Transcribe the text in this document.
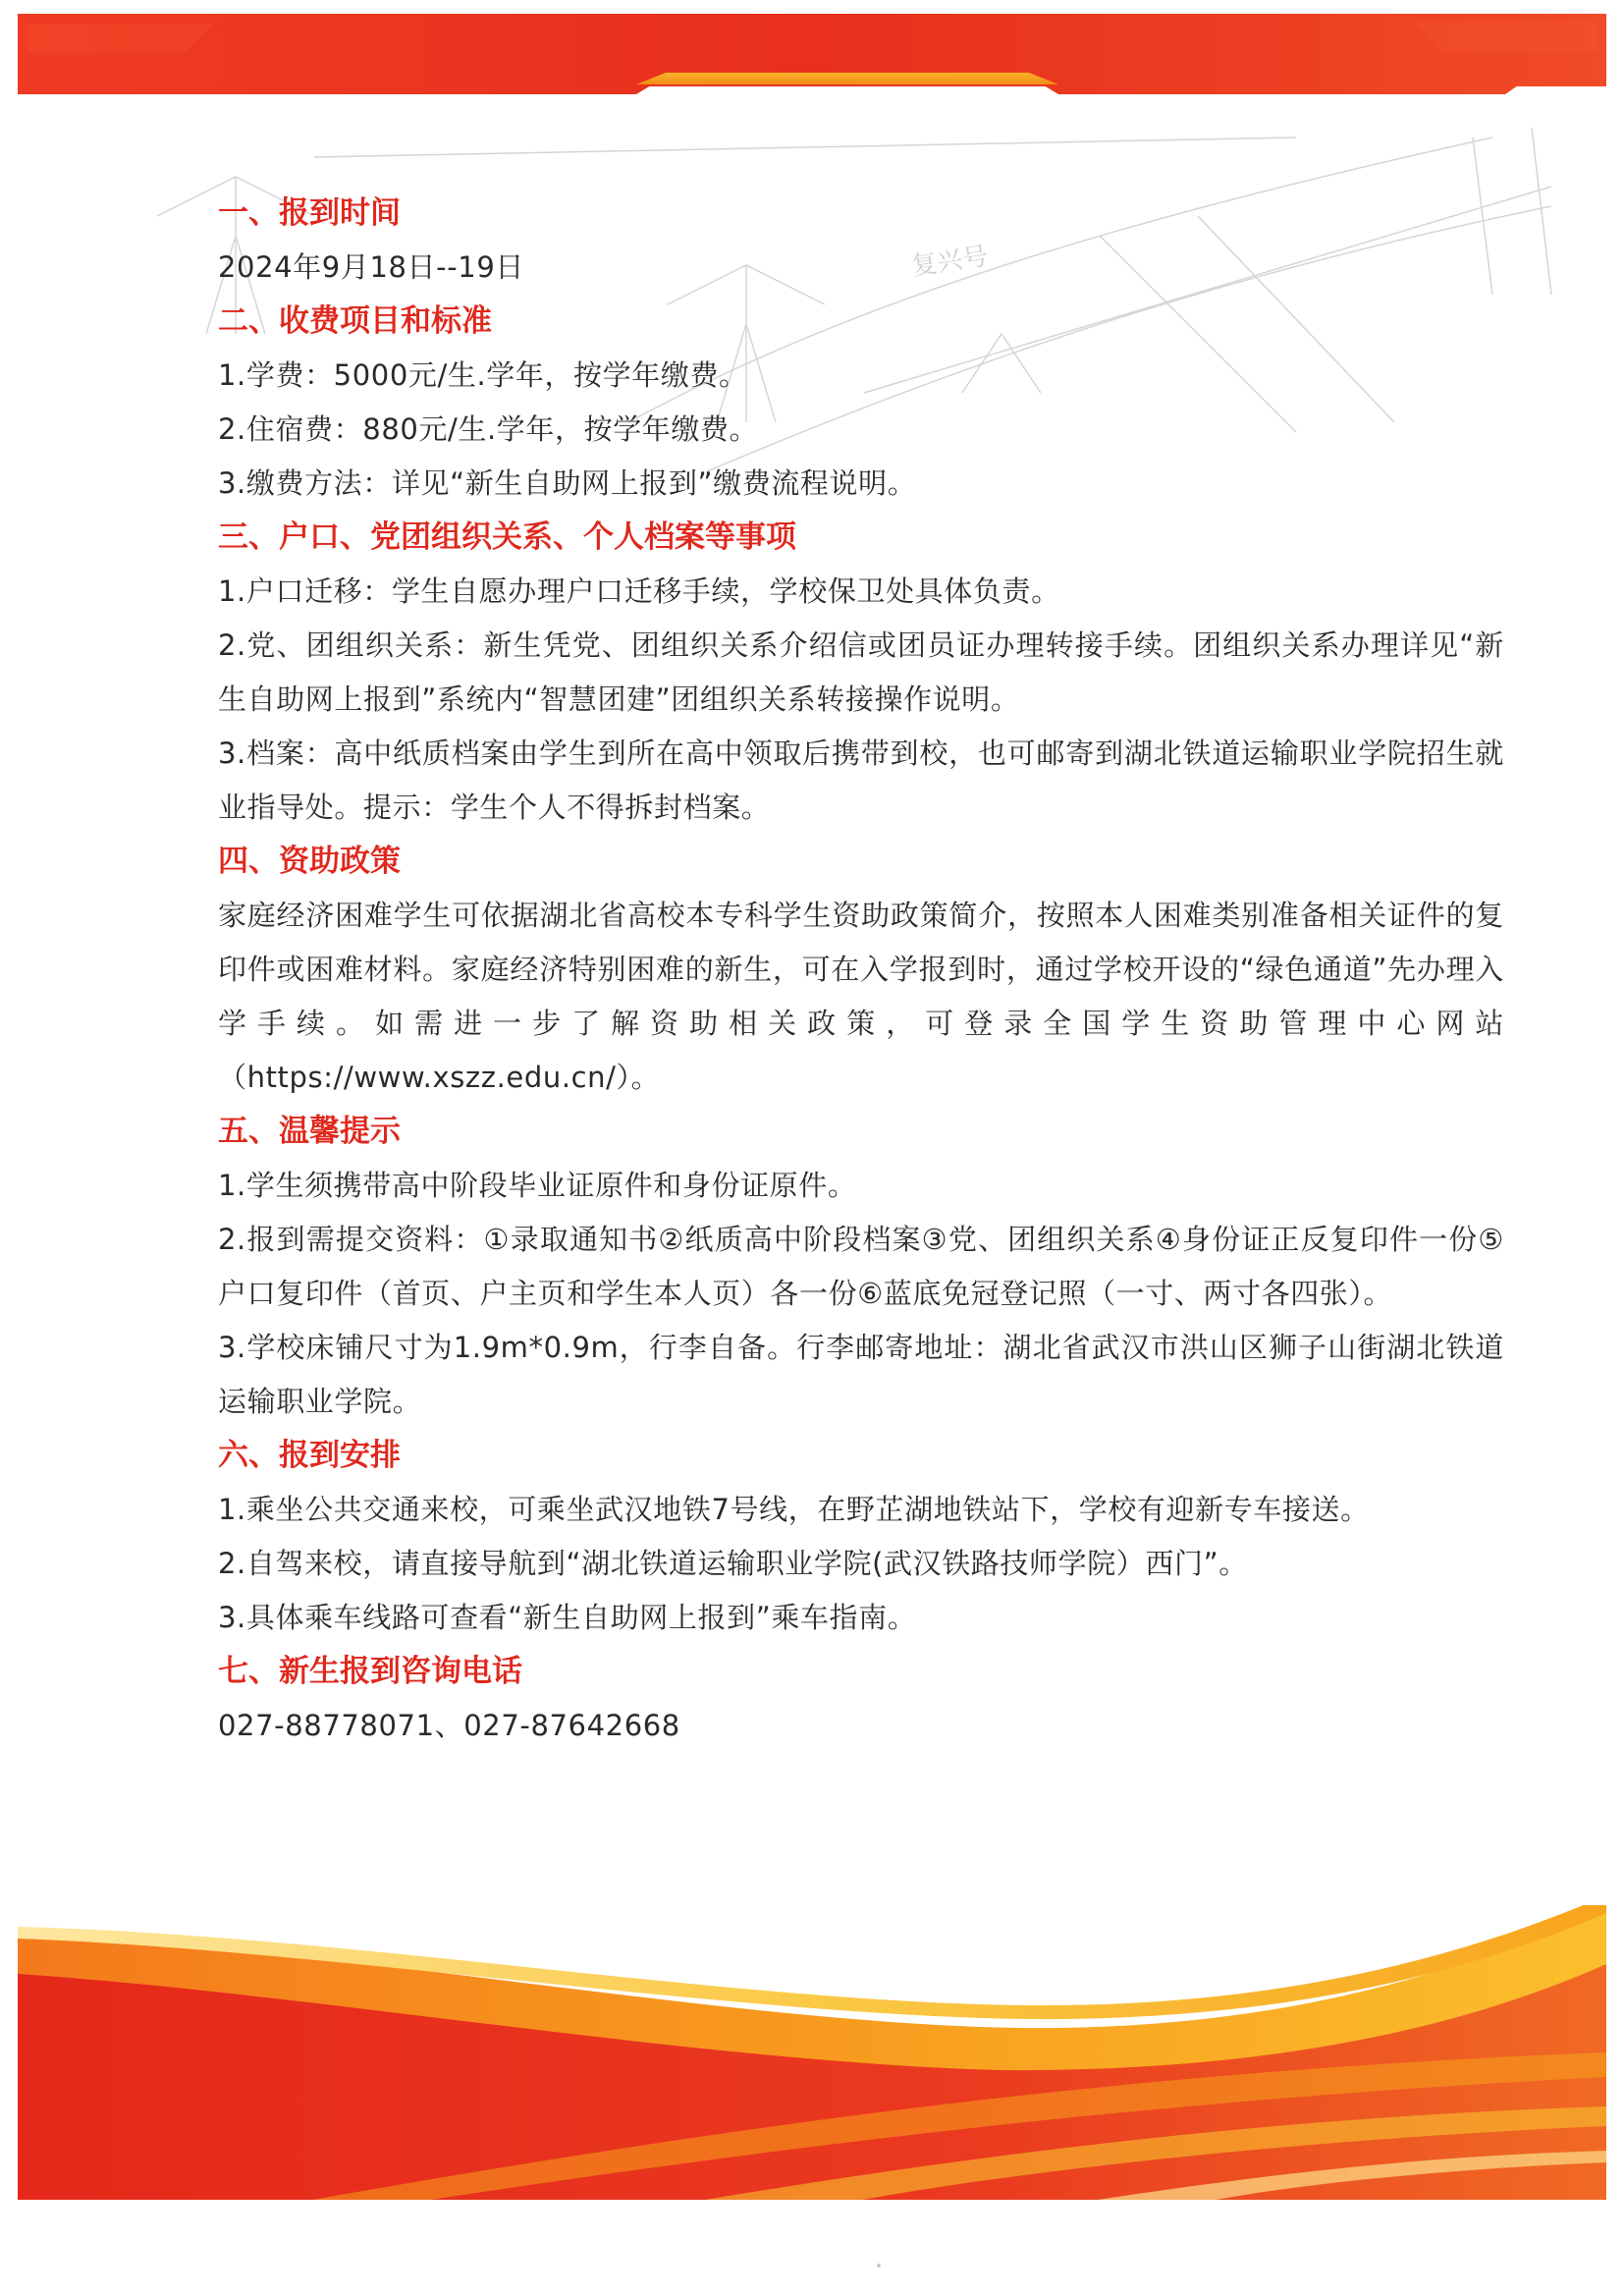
复兴号

一、报到时间

2024年9月18日--19日

二、收费项目和标准

1.学费：5000元/生.学年，按学年缴费。

2.住宿费：880元/生.学年，按学年缴费。

3.缴费方法：详见“新生自助网上报到”缴费流程说明。

三、户口、党团组织关系、个人档案等事项

1.户口迁移：学生自愿办理户口迁移手续，学校保卫处具体负责。

2.党、团组织关系：新生凭党、团组织关系介绍信或团员证办理转接手续。团组织关系办理详见“新生自助网上报到”系统内“智慧团建”团组织关系转接操作说明。

3.档案：高中纸质档案由学生到所在高中领取后携带到校，也可邮寄到湖北铁道运输职业学院招生就业指导处。提示：学生个人不得拆封档案。

四、资助政策

家庭经济困难学生可依据湖北省高校本专科学生资助政策简介，按照本人困难类别准备相关证件的复印件或困难材料。家庭经济特别困难的新生，可在入学报到时，通过学校开设的“绿色通道”先办理入学手续。如需进一步了解资助相关政策，可登录全国学生资助管理中心网站（https://www.xszz.edu.cn/）。

五、温馨提示

1.学生须携带高中阶段毕业证原件和身份证原件。

2.报到需提交资料：①录取通知书②纸质高中阶段档案③党、团组织关系④身份证正反复印件一份⑤户口复印件（首页、户主页和学生本人页）各一份⑥蓝底免冠登记照（一寸、两寸各四张）。

3.学校床铺尺寸为1.9m*0.9m，行李自备。行李邮寄地址：湖北省武汉市洪山区狮子山街湖北铁道运输职业学院。

六、报到安排

1.乘坐公共交通来校，可乘坐武汉地铁7号线，在野芷湖地铁站下，学校有迎新专车接送。

2.自驾来校，请直接导航到“湖北铁道运输职业学院(武汉铁路技师学院）西门”。

3.具体乘车线路可查看“新生自助网上报到”乘车指南。

七、新生报到咨询电话

027-88778071、027-87642668
